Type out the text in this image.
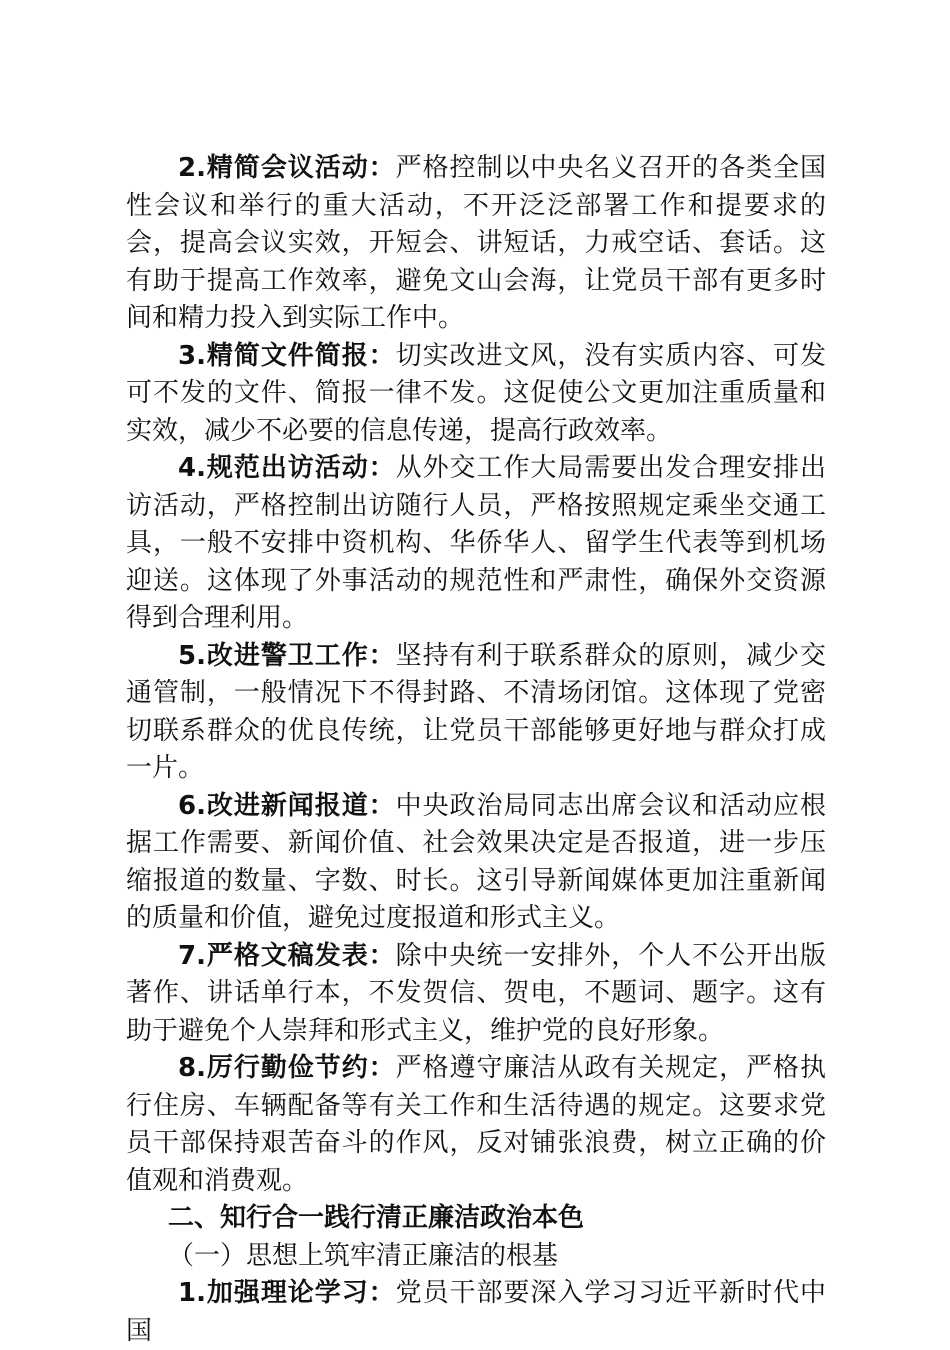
2.精简会议活动：严格控制以中央名义召开的各类全国性会议和举行的重大活动，不开泛泛部署工作和提要求的会，提高会议实效，开短会、讲短话，力戒空话、套话。这有助于提高工作效率，避免文山会海，让党员干部有更多时间和精力投入到实际工作中。

3.精简文件简报：切实改进文风，没有实质内容、可发可不发的文件、简报一律不发。这促使公文更加注重质量和实效，减少不必要的信息传递，提高行政效率。

4.规范出访活动：从外交工作大局需要出发合理安排出访活动，严格控制出访随行人员，严格按照规定乘坐交通工具，一般不安排中资机构、华侨华人、留学生代表等到机场迎送。这体现了外事活动的规范性和严肃性，确保外交资源得到合理利用。

5.改进警卫工作：坚持有利于联系群众的原则，减少交通管制，一般情况下不得封路、不清场闭馆。这体现了党密切联系群众的优良传统，让党员干部能够更好地与群众打成一片。

6.改进新闻报道：中央政治局同志出席会议和活动应根据工作需要、新闻价值、社会效果决定是否报道，进一步压缩报道的数量、字数、时长。这引导新闻媒体更加注重新闻的质量和价值，避免过度报道和形式主义。

7.严格文稿发表：除中央统一安排外，个人不公开出版著作、讲话单行本，不发贺信、贺电，不题词、题字。这有助于避免个人崇拜和形式主义，维护党的良好形象。

8.厉行勤俭节约：严格遵守廉洁从政有关规定，严格执行住房、车辆配备等有关工作和生活待遇的规定。这要求党员干部保持艰苦奋斗的作风，反对铺张浪费，树立正确的价值观和消费观。

二、知行合一践行清正廉洁政治本色

（一）思想上筑牢清正廉洁的根基

1.加强理论学习：党员干部要深入学习习近平新时代中国
